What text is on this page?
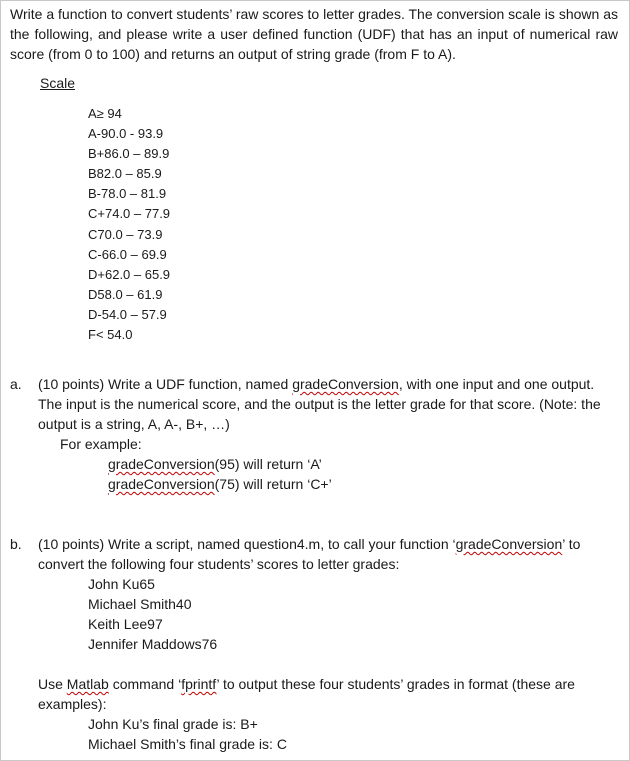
Write a function to convert students’ raw scores to letter grades. The conversion scale is shown as the following, and please write a user defined function (UDF) that has an input of numerical raw score (from 0 to 100) and returns an output of string grade (from F to A).

Scale
A≥ 94
A-90.0 - 93.9
B+86.0 – 89.9
B82.0 – 85.9
B-78.0 – 81.9
C+74.0 – 77.9
C70.0 – 73.9
C-66.0 – 69.9
D+62.0 – 65.9
D58.0 – 61.9
D-54.0 – 57.9
F< 54.0
a.	(10 points) Write a UDF function, named gradeConversion, with one input and one output. The input is the numerical score, and the output is the letter grade for that score. (Note: the output is a string, A, A-, B+, …)
For example:
gradeConversion(95) will return ‘A’
gradeConversion(75) will return ‘C+’
b.	(10 points) Write a script, named question4.m, to call your function ‘gradeConversion’ to convert the following four students’ scores to letter grades:
John Ku65
Michael Smith40
Keith Lee97
Jennifer Maddows76
Use Matlab command ‘fprintf’ to output these four students’ grades in format (these are examples):
John Ku’s final grade is: B+
Michael Smith’s final grade is: C
